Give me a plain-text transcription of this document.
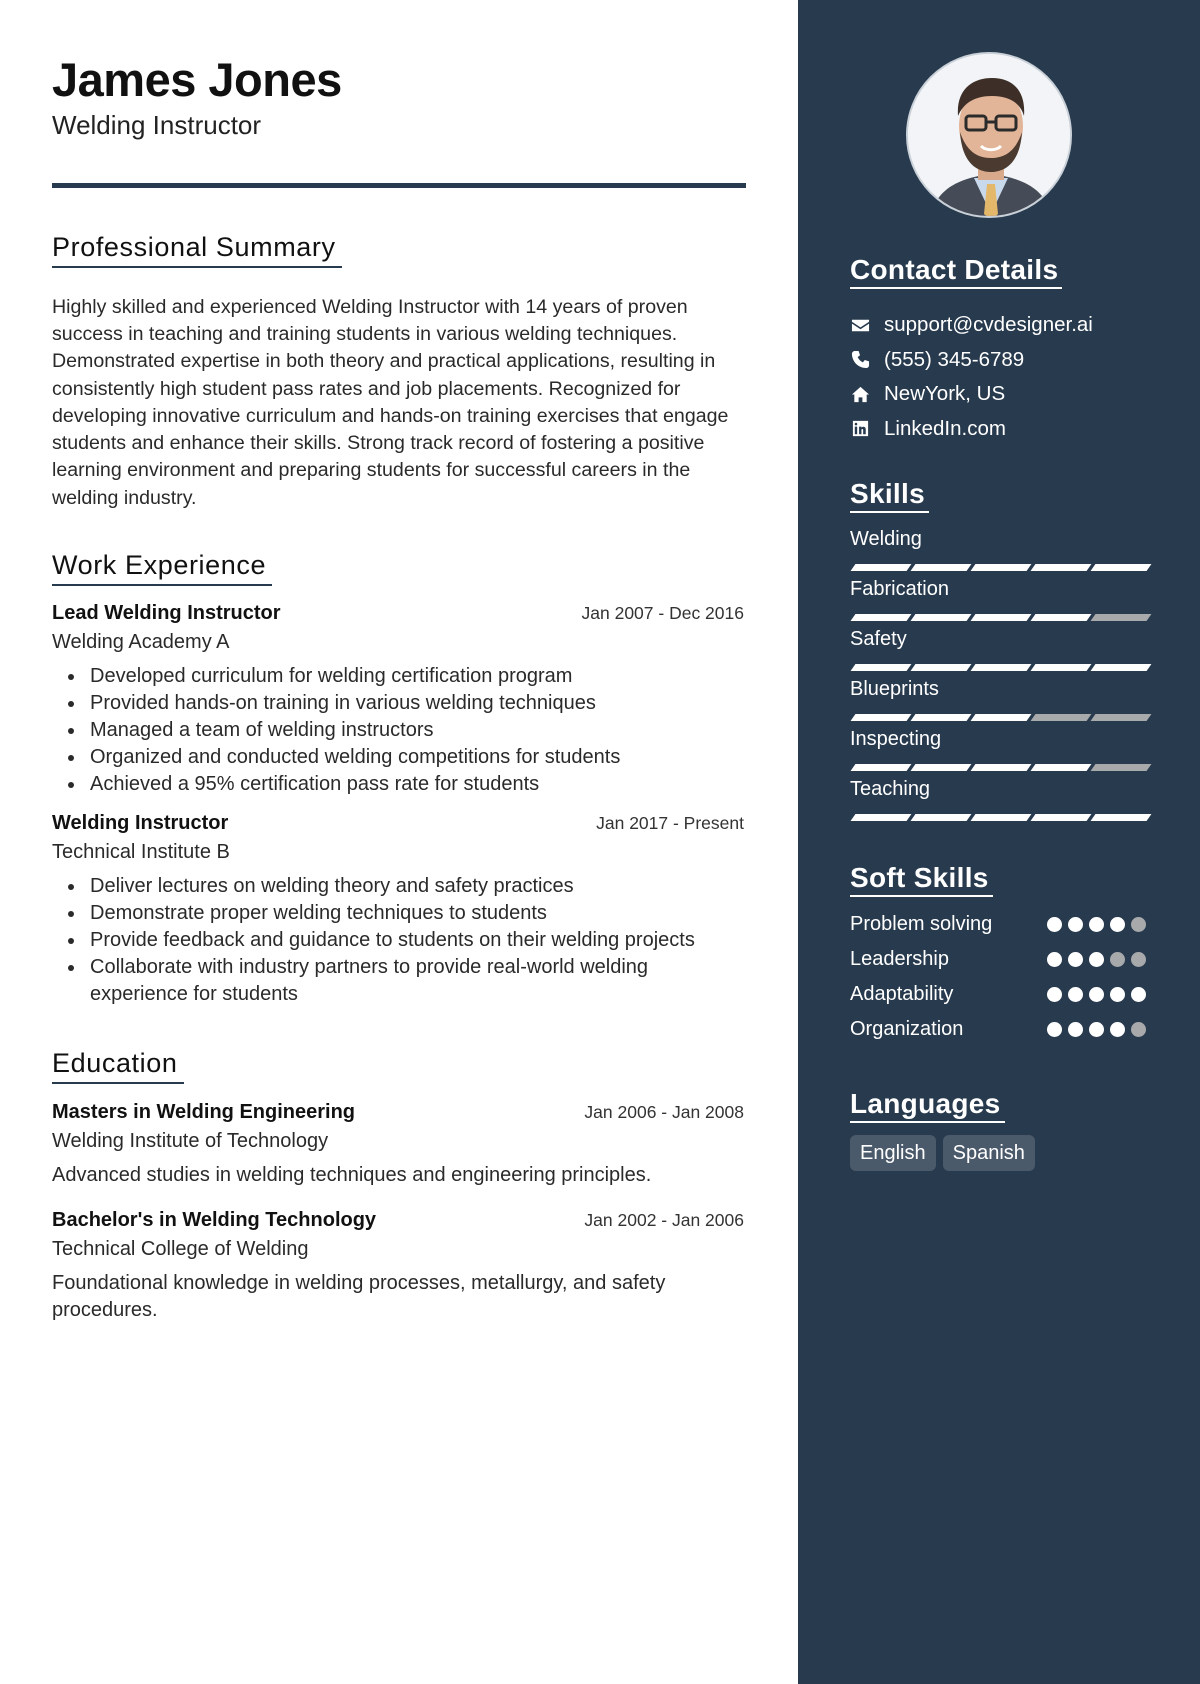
James Jones
Welding Instructor
Professional Summary

Highly skilled and experienced Welding Instructor with 14 years of proven success in teaching and training students in various welding techniques. Demonstrated expertise in both theory and practical applications, resulting in consistently high student pass rates and job placements. Recognized for developing innovative curriculum and hands-on training exercises that engage students and enhance their skills. Strong track record of fostering a positive learning environment and preparing students for successful careers in the welding industry.

Work Experience
Lead Welding Instructor	Jan 2007 - Dec 2016
Welding Academy A
Developed curriculum for welding certification program
Provided hands-on training in various welding techniques
Managed a team of welding instructors
Organized and conducted welding competitions for students
Achieved a 95% certification pass rate for students
Welding Instructor	Jan 2017 - Present
Technical Institute B
Deliver lectures on welding theory and safety practices
Demonstrate proper welding techniques to students
Provide feedback and guidance to students on their welding projects
Collaborate with industry partners to provide real-world welding experience for students
Education
Masters in Welding Engineering	Jan 2006 - Jan 2008
Welding Institute of Technology

Advanced studies in welding techniques and engineering principles.

Bachelor's in Welding Technology	Jan 2002 - Jan 2006
Technical College of Welding

Foundational knowledge in welding processes, metallurgy, and safety procedures.

Contact Details
support@cvdesigner.ai
(555) 345-6789
NewYork, US
LinkedIn.com
Skills
Welding
Fabrication
Safety
Blueprints
Inspecting
Teaching
Soft Skills
Problem solving
Leadership
Adaptability
Organization
Languages
English	Spanish
